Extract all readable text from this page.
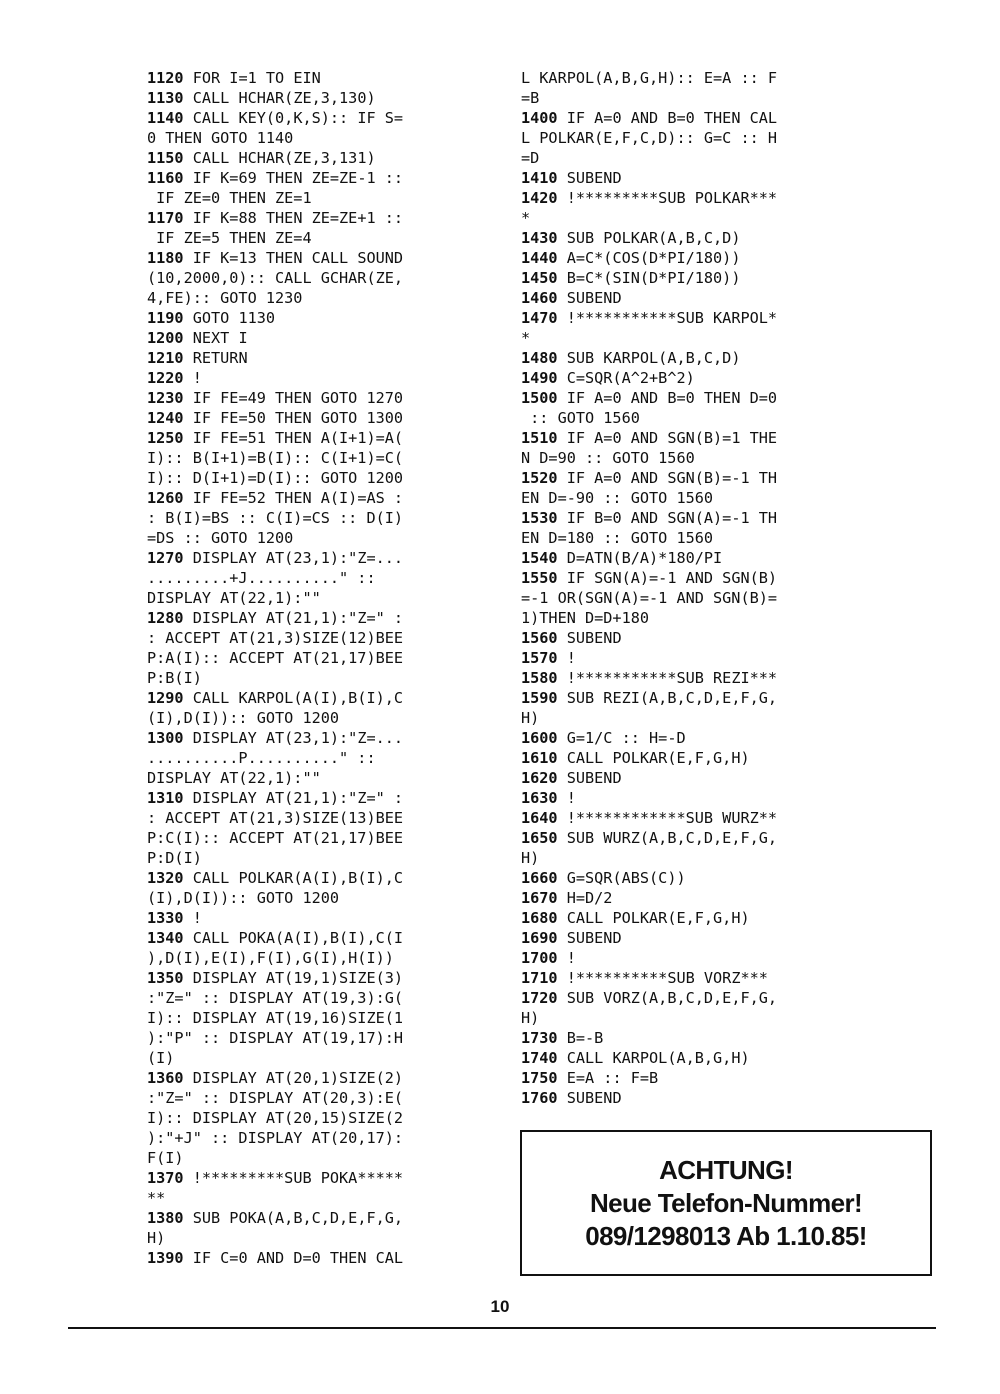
1120 FOR I=1 TO EIN
1130 CALL HCHAR(ZE,3,130)
1140 CALL KEY(0,K,S):: IF S=
0 THEN GOTO 1140
1150 CALL HCHAR(ZE,3,131)
1160 IF K=69 THEN ZE=ZE-1 ::
IF ZE=0 THEN ZE=1
1170 IF K=88 THEN ZE=ZE+1 ::
IF ZE=5 THEN ZE=4
1180 IF K=13 THEN CALL SOUND
(10,2000,0):: CALL GCHAR(ZE,
4,FE):: GOTO 1230
1190 GOTO 1130
1200 NEXT I
1210 RETURN
1220 !
1230 IF FE=49 THEN GOTO 1270
1240 IF FE=50 THEN GOTO 1300
1250 IF FE=51 THEN A(I+1)=A(
I):: B(I+1)=B(I):: C(I+1)=C(
I):: D(I+1)=D(I):: GOTO 1200
1260 IF FE=52 THEN A(I)=AS :
: B(I)=BS :: C(I)=CS :: D(I)
=DS :: GOTO 1200
1270 DISPLAY AT(23,1):"Z=...
.........+J.........." ::
DISPLAY AT(22,1):""
1280 DISPLAY AT(21,1):"Z=" :
: ACCEPT AT(21,3)SIZE(12)BEE
P:A(I):: ACCEPT AT(21,17)BEE
P:B(I)
1290 CALL KARPOL(A(I),B(I),C
(I),D(I)):: GOTO 1200
1300 DISPLAY AT(23,1):"Z=...
..........P.........." ::
DISPLAY AT(22,1):""
1310 DISPLAY AT(21,1):"Z=" :
: ACCEPT AT(21,3)SIZE(13)BEE
P:C(I):: ACCEPT AT(21,17)BEE
P:D(I)
1320 CALL POLKAR(A(I),B(I),C
(I),D(I)):: GOTO 1200
1330 !
1340 CALL POKA(A(I),B(I),C(I
),D(I),E(I),F(I),G(I),H(I))
1350 DISPLAY AT(19,1)SIZE(3)
:"Z=" :: DISPLAY AT(19,3):G(
I):: DISPLAY AT(19,16)SIZE(1
):"P" :: DISPLAY AT(19,17):H
(I)
1360 DISPLAY AT(20,1)SIZE(2)
:"Z=" :: DISPLAY AT(20,3):E(
I):: DISPLAY AT(20,15)SIZE(2
):"+J" :: DISPLAY AT(20,17):
F(I)
1370 !*********SUB POKA*****
**
1380 SUB POKA(A,B,C,D,E,F,G,
H)
1390 IF C=0 AND D=0 THEN CAL
L KARPOL(A,B,G,H):: E=A :: F
=B
1400 IF A=0 AND B=0 THEN CAL
L POLKAR(E,F,C,D):: G=C :: H
=D
1410 SUBEND
1420 !*********SUB POLKAR***
*
1430 SUB POLKAR(A,B,C,D)
1440 A=C*(COS(D*PI/180))
1450 B=C*(SIN(D*PI/180))
1460 SUBEND
1470 !***********SUB KARPOL*
*
1480 SUB KARPOL(A,B,C,D)
1490 C=SQR(A^2+B^2)
1500 IF A=0 AND B=0 THEN D=0
:: GOTO 1560
1510 IF A=0 AND SGN(B)=1 THE
N D=90 :: GOTO 1560
1520 IF A=0 AND SGN(B)=-1 TH
EN D=-90 :: GOTO 1560
1530 IF B=0 AND SGN(A)=-1 TH
EN D=180 :: GOTO 1560
1540 D=ATN(B/A)*180/PI
1550 IF SGN(A)=-1 AND SGN(B)
=-1 OR(SGN(A)=-1 AND SGN(B)=
1)THEN D=D+180
1560 SUBEND
1570 !
1580 !***********SUB REZI***
1590 SUB REZI(A,B,C,D,E,F,G,
H)
1600 G=1/C :: H=-D
1610 CALL POLKAR(E,F,G,H)
1620 SUBEND
1630 !
1640 !************SUB WURZ**
1650 SUB WURZ(A,B,C,D,E,F,G,
H)
1660 G=SQR(ABS(C))
1670 H=D/2
1680 CALL POLKAR(E,F,G,H)
1690 SUBEND
1700 !
1710 !**********SUB VORZ***
1720 SUB VORZ(A,B,C,D,E,F,G,
H)
1730 B=-B
1740 CALL KARPOL(A,B,G,H)
1750 E=A :: F=B
1760 SUBEND
ACHTUNG!
Neue Telefon-Nummer!
089/1298013 Ab 1.10.85!
10
